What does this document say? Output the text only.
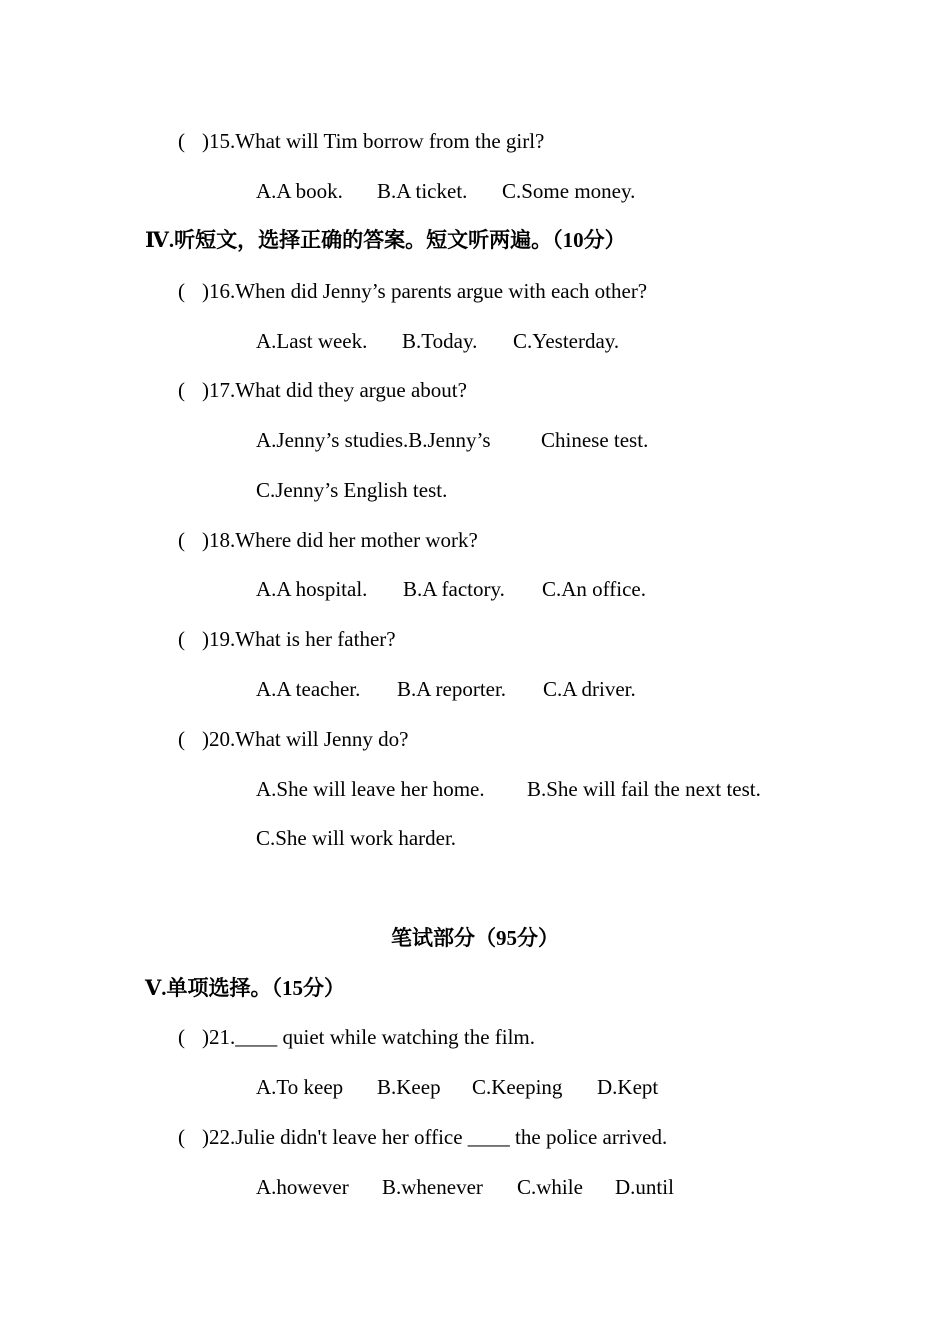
( )15.What will Tim borrow from the girl?
A.A book. B.A ticket. C.Some money.
Ⅳ.听短文，选择正确的答案。短文听两遍。（10分）
( )16.When did Jenny’s parents argue with each other?
A.Last week. B.Today. C.Yesterday.
( )17.What did they argue about?
A.Jenny’s studies.B.Jenny’s Chinese test.
C.Jenny’s English test.
( )18.Where did her mother work?
A.A hospital. B.A factory. C.An office.
( )19.What is her father?
A.A teacher. B.A reporter. C.A driver.
( )20.What will Jenny do?
A.She will leave her home. B.She will fail the next test.
C.She will work harder.
笔试部分（95分）
Ⅴ.单项选择。（15分）
( )21.____ quiet while watching the film.
A.To keep B.Keep C.Keeping D.Kept
( )22.Julie didn't leave her office ____ the police arrived.
A.however B.whenever C.while D.until
